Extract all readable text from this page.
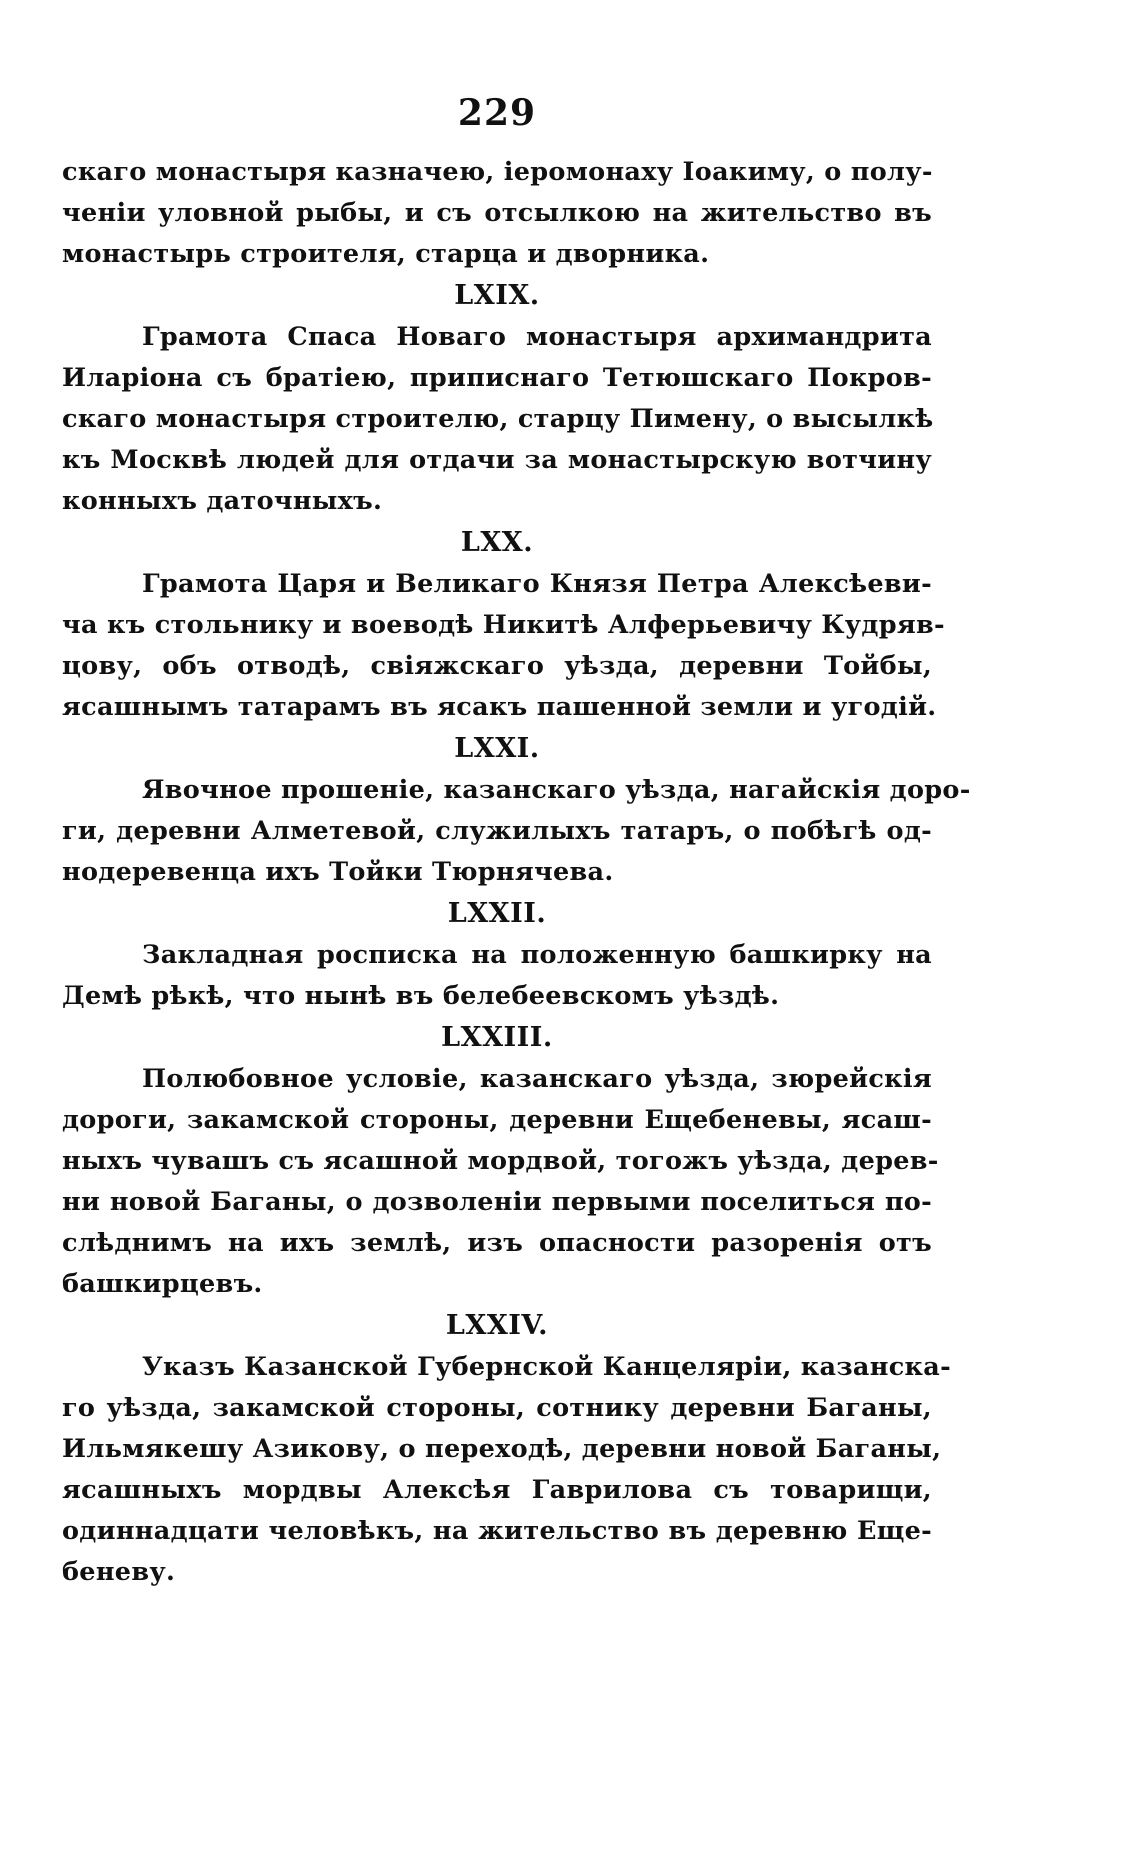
229
скаго монастыря казначею, іеромонаху Іоакиму, о полу-
ченіи уловной рыбы, и съ отсылкою на жительство въ
монастырь строителя, старца и дворника.
LXIX.
Грамота Спаса Новаго монастыря архимандрита
Иларіона съ братіею, приписнаго Тетюшскаго Покров-
скаго монастыря строителю, старцу Пимену, о высылкѣ
къ Москвѣ людей для отдачи за монастырскую вотчину
конныхъ даточныхъ.
LXX.
Грамота Царя и Великаго Князя Петра Алексѣеви-
ча къ стольнику и воеводѣ Никитѣ Алферьевичу Кудряв-
цову, объ отводѣ, свіяжскаго уѣзда, деревни Тойбы,
ясашнымъ татарамъ въ ясакъ пашенной земли и угодій.
LXXI.
Явочное прошеніе, казанскаго уѣзда, нагайскія доро-
ги, деревни Алметевой, служилыхъ татаръ, о побѣгѣ од-
нодеревенца ихъ Тойки Тюрнячева.
LXXII.
Закладная росписка на положенную башкирку на
Демѣ рѣкѣ, что нынѣ въ белебеевскомъ уѣздѣ.
LXXIII.
Полюбовное условіе, казанскаго уѣзда, зюрейскія
дороги, закамской стороны, деревни Ещебеневы, ясаш-
ныхъ чувашъ съ ясашной мордвой, тогожъ уѣзда, дерев-
ни новой Баганы, о дозволеніи первыми поселиться по-
слѣднимъ на ихъ землѣ, изъ опасности разоренія отъ
башкирцевъ.
LXXIV.
Указъ Казанской Губернской Канцеляріи, казанска-
го уѣзда, закамской стороны, сотнику деревни Баганы,
Ильмякешу Азикову, о переходѣ, деревни новой Баганы,
ясашныхъ мордвы Алексѣя Гаврилова съ товарищи,
одиннадцати человѣкъ, на жительство въ деревню Еще-
беневу.
